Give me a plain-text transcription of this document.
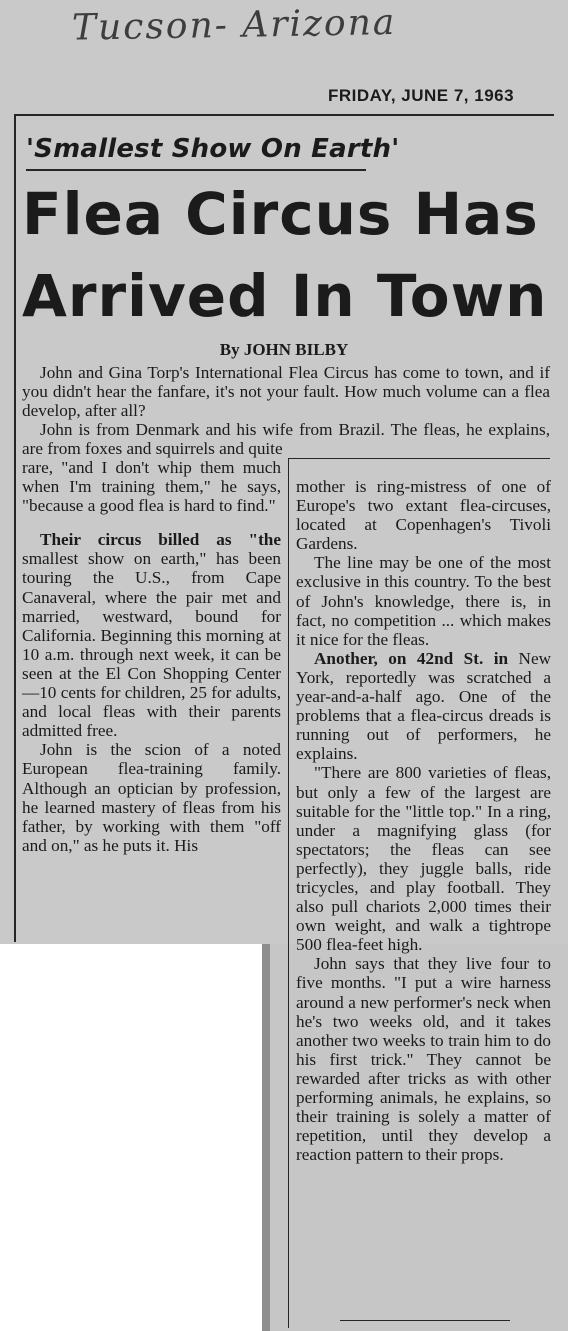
Tucson- Arizona
FRIDAY, JUNE 7, 1963
'Smallest Show On Earth'
Flea Circus Has
Arrived In Town
By JOHN BILBY

John and Gina Torp's International Flea Circus has come to town, and if you didn't hear the fanfare, it's not your fault. How much volume can a flea develop, after all?

John is from Denmark and his wife from Brazil. The fleas, he explains, are from foxes and squirrels and quite

rare, "and I don't whip them much when I'm training them," he says, "because a good flea is hard to find."

Their circus billed as "the smallest show on earth," has been touring the U.S., from Cape Canaveral, where the pair met and married, westward, bound for California. Beginning this morning at 10 a.m. through next week, it can be seen at the El Con Shopping Center—10 cents for children, 25 for adults, and local fleas with their parents admitted free.

John is the scion of a noted European flea-training family. Although an optician by profession, he learned mastery of fleas from his father, by working with them "off and on," as he puts it. His

mother is ring-mistress of one of Europe's two extant flea-circuses, located at Copenhagen's Tivoli Gardens.

The line may be one of the most exclusive in this country. To the best of John's knowledge, there is, in fact, no competition ... which makes it nice for the fleas.

Another, on 42nd St. in New York, reportedly was scratched a year-and-a-half ago. One of the problems that a flea-circus dreads is running out of performers, he explains.

"There are 800 varieties of fleas, but only a few of the largest are suitable for the "little top." In a ring, under a magnifying glass (for spectators; the fleas can see perfectly), they juggle balls, ride tricycles, and play football. They also pull chariots 2,000 times their own weight, and walk a tightrope 500 flea-feet high.

John says that they live four to five months. "I put a wire harness around a new performer's neck when he's two weeks old, and it takes another two weeks to train him to do his first trick." They cannot be rewarded after tricks as with other performing animals, he explains, so their training is solely a matter of repetition, until they develop a reaction pattern to their props.
